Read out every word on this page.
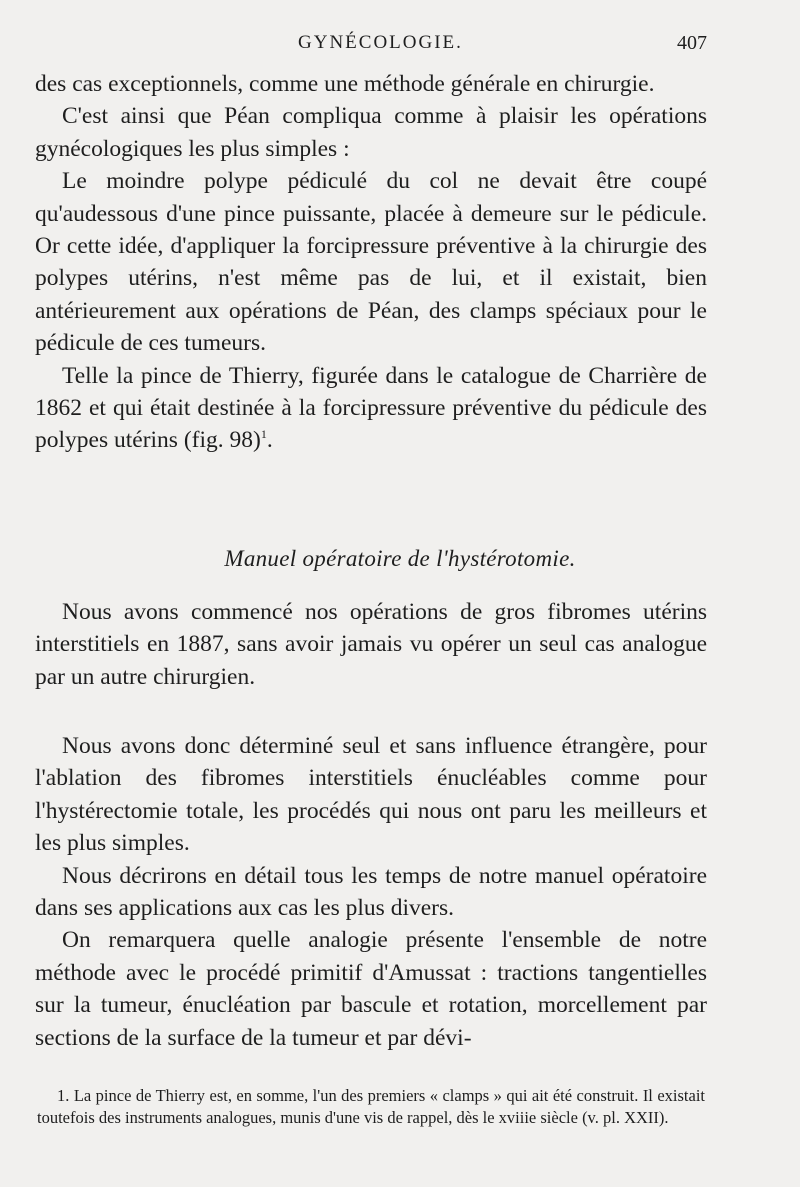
GYNÉCOLOGIE.	407

des cas exceptionnels, comme une méthode générale en chirurgie.

C'est ainsi que Péan compliqua comme à plaisir les opérations gynécologiques les plus simples :

Le moindre polype pédiculé du col ne devait être coupé qu'audessous d'une pince puissante, placée à demeure sur le pédicule. Or cette idée, d'appliquer la forcipressure préventive à la chirurgie des polypes utérins, n'est même pas de lui, et il existait, bien antérieurement aux opérations de Péan, des clamps spéciaux pour le pédicule de ces tumeurs.

Telle la pince de Thierry, figurée dans le catalogue de Charrière de 1862 et qui était destinée à la forcipressure préventive du pédicule des polypes utérins (fig. 98)$^1$.

Manuel opératoire de l'hystérotomie.

Nous avons commencé nos opérations de gros fibromes utérins interstitiels en 1887, sans avoir jamais vu opérer un seul cas analogue par un autre chirurgien.

Nous avons donc déterminé seul et sans influence étrangère, pour l'ablation des fibromes interstitiels énucléables comme pour l'hystérectomie totale, les procédés qui nous ont paru les meilleurs et les plus simples.

Nous décrirons en détail tous les temps de notre manuel opératoire dans ses applications aux cas les plus divers.

On remarquera quelle analogie présente l'ensemble de notre méthode avec le procédé primitif d'Amussat : tractions tangentielles sur la tumeur, énucléation par bascule et rotation, morcellement par sections de la surface de la tumeur et par dévi-

1. La pince de Thierry est, en somme, l'un des premiers « clamps » qui ait été construit. Il existait toutefois des instruments analogues, munis d'une vis de rappel, dès le xviiie siècle (v. pl. XXII).
